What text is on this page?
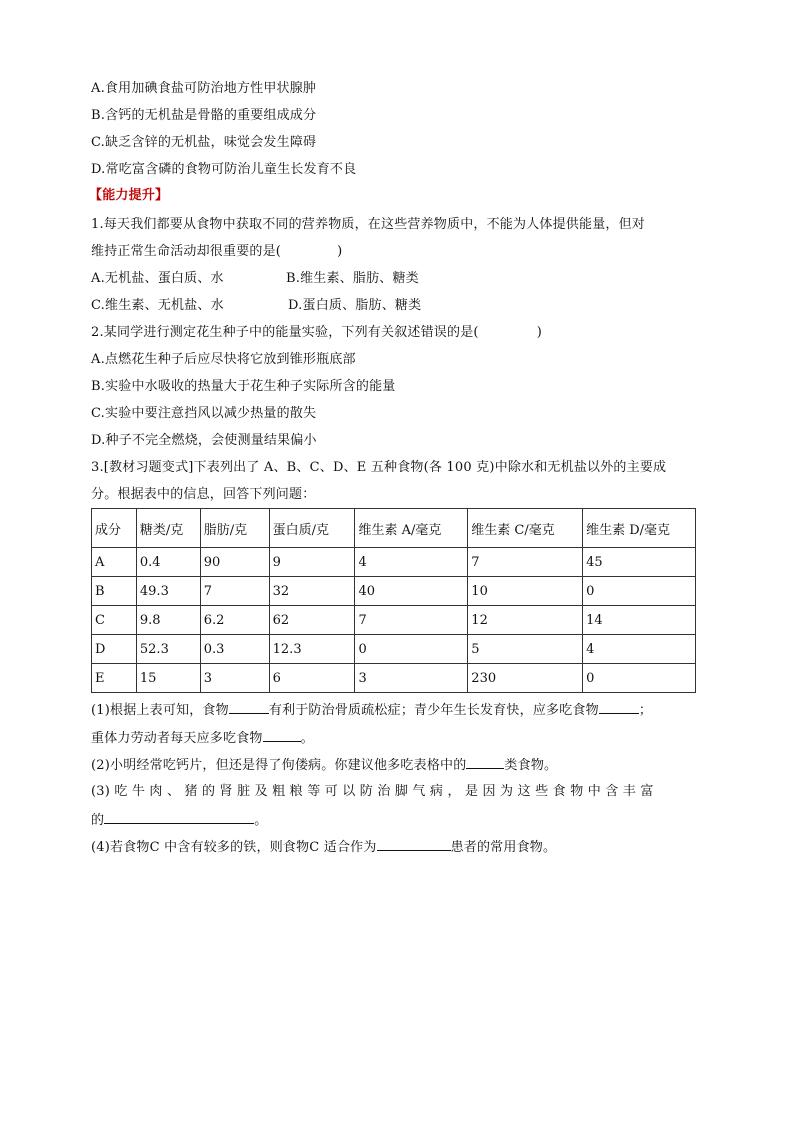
A.食用加碘食盐可防治地方性甲状腺肿
B.含钙的无机盐是骨骼的重要组成成分
C.缺乏含锌的无机盐，味觉会发生障碍
D.常吃富含磷的食物可防治儿童生长发育不良
【能力提升】
1.每天我们都要从食物中获取不同的营养物质，在这些营养物质中，不能为人体提供能量，但对
维持正常生命活动却很重要的是(	)
A.无机盐、蛋白质、水	B.维生素、脂肪、糖类
C.维生素、无机盐、水	D.蛋白质、脂肪、糖类
2.某同学进行测定花生种子中的能量实验，下列有关叙述错误的是(	)
A.点燃花生种子后应尽快将它放到锥形瓶底部
B.实验中水吸收的热量大于花生种子实际所含的能量
C.实验中要注意挡风以减少热量的散失
D.种子不完全燃烧，会使测量结果偏小
3.[教材习题变式]下表列出了 A、B、C、D、E 五种食物(各 100 克)中除水和无机盐以外的主要成
分。根据表中的信息，回答下列问题：
成分	糖类/克	脂肪/克	蛋白质/克	维生素 A/毫克	维生素 C/毫克	维生素 D/毫克
A	0.4	90	9	4	7	45
B	49.3	7	32	40	10	0
C	9.8	6.2	62	7	12	14
D	52.3	0.3	12.3	0	5	4
E	15	3	6	3	230	0
(1)根据上表可知，食物	有利于防治骨质疏松症；青少年生长发育快，应多吃食物	；
重体力劳动者每天应多吃食物	。
(2)小明经常吃钙片，但还是得了佝偻病。你建议他多吃表格中的	类食物。
(3) 吃 牛 肉 、 猪 的 肾 脏 及 粗 粮 等 可 以 防 治 脚 气 病 ， 是 因 为 这 些 食 物 中 含 丰 富
的	。
(4)若食物C 中含有较多的铁，则食物C 适合作为	患者的常用食物。
